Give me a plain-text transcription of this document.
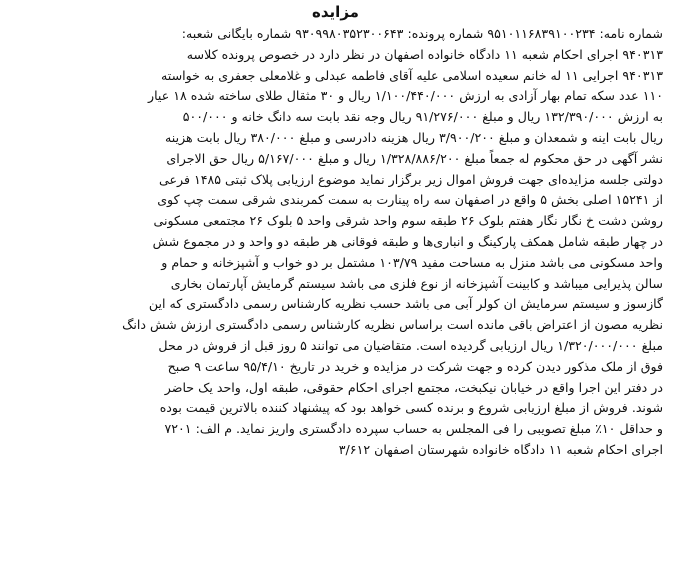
مزایده
شماره نامه: ۹۵۱۰۱۱۶۸۳۹۱۰۰۲۳۴ شماره پرونده: ۹۳۰۹۹۸۰۳۵۲۳۰۰۶۴۳ شماره بایگانی شعبه:
۹۴۰۳۱۳ اجرای احکام شعبه ۱۱ دادگاه خانواده اصفهان در نظر دارد در خصوص پرونده کلاسه
۹۴۰۳۱۳ اجرایی ۱۱ له خانم سعیده اسلامی علیه آقای فاطمه عبدلی و غلامعلی جعفری به خواسته
۱۱۰ عدد سکه تمام بهار آزادی به ارزش ۱/۱۰۰/۴۴۰/۰۰۰ ریال و ۳۰ مثقال طلای ساخته شده ۱۸ عیار
به ارزش ۱۳۲/۳۹۰/۰۰۰ ریال و مبلغ ۹۱/۲۷۶/۰۰۰ ریال وجه نقد بابت سه دانگ خانه و ۵۰۰/۰۰۰
ریال بابت اینه و شمعدان و مبلغ ۳/۹۰۰/۲۰۰ ریال هزینه دادرسی و مبلغ ۳۸۰/۰۰۰ ریال بابت هزینه
نشر آگهی در حق محکوم له جمعاً مبلغ ۱/۳۲۸/۸۸۶/۲۰۰ ریال و مبلغ ۵/۱۶۷/۰۰۰ ریال حق الاجرای
دولتی جلسه مزایده‌ای جهت فروش اموال زیر برگزار نماید موضوع ارزیابی پلاک ثبتی ۱۴۸۵ فرعی
از ۱۵۲۴۱ اصلی بخش ۵ واقع در اصفهان سه راه پینارت به سمت کمربندی شرقی سمت چپ کوی
روشن دشت خ نگار نگار هفتم بلوک ۲۶ طبقه سوم واحد شرقی واحد ۵ بلوک ۲۶ مجتمعی مسکونی
در چهار طبقه شامل همکف پارکینگ و انباری‌ها و طبقه فوقانی هر طبقه دو واحد و در مجموع شش
واحد مسکونی می باشد منزل به مساحت مفید ۱۰۳/۷۹ مشتمل بر دو خواب و آشپزخانه و حمام و
سالن پذیرایی میباشد و کابینت آشپزخانه از نوع فلزی می باشد سیستم گرمایش آپارتمان بخاری
گازسوز و سیستم سرمایش ان کولر آبی می باشد حسب نظریه کارشناس رسمی دادگستری که این
نظریه مصون از اعتراض باقی مانده است براساس نظریه کارشناس رسمی دادگستری ارزش شش دانگ
مبلغ ۱/۳۲۰/۰۰۰/۰۰۰ ریال ارزیابی گردیده است. متقاضیان می توانند ۵ روز قبل از فروش در محل
فوق از ملک مذکور دیدن کرده و جهت شرکت در مزایده و خرید در تاریخ ۹۵/۴/۱۰ ساعت ۹ صبح
در دفتر این اجرا واقع در خیابان نیکبخت، مجتمع اجرای احکام حقوقی، طبقه اول، واحد یک حاضر
شوند. فروش از مبلغ ارزیابی شروع و برنده کسی خواهد بود که پیشنهاد کننده بالاترین قیمت بوده
و حداقل ۱۰٪ مبلغ تصویبی را فی المجلس به حساب سپرده دادگستری واریز نماید. م الف: ۷۲۰۱
اجرای احکام شعبه ۱۱ دادگاه خانواده شهرستان اصفهان ۳/۶۱۲
